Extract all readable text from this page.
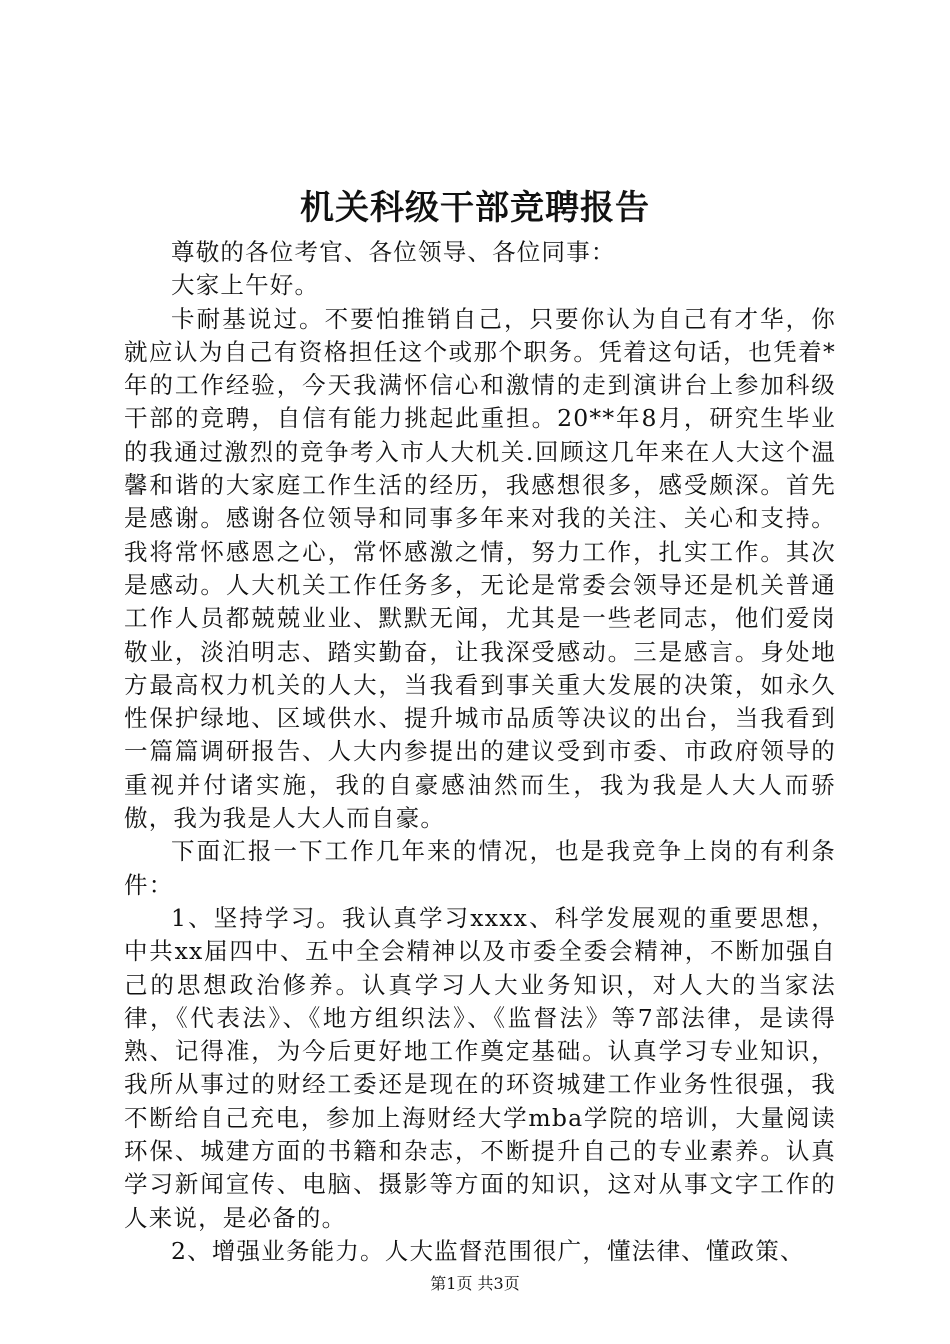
机关科级干部竞聘报告

尊敬的各位考官、各位领导、各位同事：

大家上午好。

卡耐基说过。不要怕推销自己，只要你认为自己有才华，你就应认为自己有资格担任这个或那个职务。凭着这句话，也凭着*年的工作经验，今天我满怀信心和激情的走到演讲台上参加科级干部的竞聘，自信有能力挑起此重担。20**年8月，研究生毕业的我通过激烈的竞争考入市人大机关.回顾这几年来在人大这个温馨和谐的大家庭工作生活的经历，我感想很多，感受颇深。首先是感谢。感谢各位领导和同事多年来对我的关注、关心和支持。我将常怀感恩之心，常怀感激之情，努力工作，扎实工作。其次是感动。人大机关工作任务多，无论是常委会领导还是机关普通工作人员都兢兢业业、默默无闻，尤其是一些老同志，他们爱岗敬业，淡泊明志、踏实勤奋，让我深受感动。三是感言。身处地方最高权力机关的人大，当我看到事关重大发展的决策，如永久性保护绿地、区域供水、提升城市品质等决议的出台，当我看到一篇篇调研报告、人大内参提出的建议受到市委、市政府领导的重视并付诸实施，我的自豪感油然而生，我为我是人大人而骄傲，我为我是人大人而自豪。

下面汇报一下工作几年来的情况，也是我竞争上岗的有利条件：

1、坚持学习。我认真学习xxxx、科学发展观的重要思想，中共xx届四中、五中全会精神以及市委全委会精神，不断加强自己的思想政治修养。认真学习人大业务知识，对人大的当家法律，《代表法》、《地方组织法》、《监督法》等7部法律，是读得熟、记得准，为今后更好地工作奠定基础。认真学习专业知识，我所从事过的财经工委还是现在的环资城建工作业务性很强，我不断给自己充电，参加上海财经大学mba学院的培训，大量阅读环保、城建方面的书籍和杂志，不断提升自己的专业素养。认真学习新闻宣传、电脑、摄影等方面的知识，这对从事文字工作的人来说，是必备的。

2、增强业务能力。人大监督范围很广，懂法律、懂政策、

第1页 共3页
